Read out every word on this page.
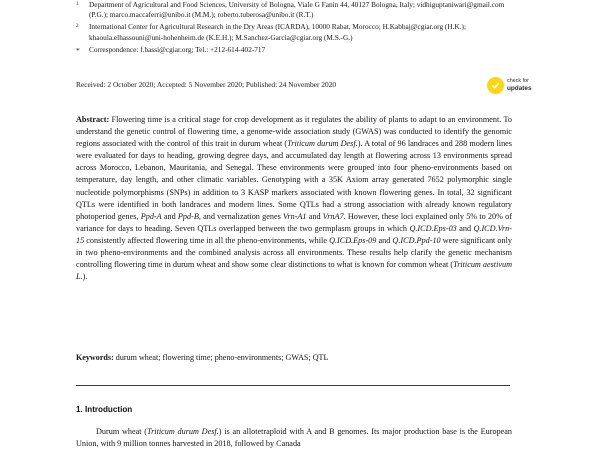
1	Department of Agricultural and Food Sciences, University of Bologna, Viale G Fanin 44, 40127 Bologna, Italy; vidhiguptaniwari@gmail.com (P.G.); marco.maccaferri@unibo.it (M.M.); roberto.tuberosa@unibo.it (R.T.)
2	International Center for Agricultural Research in the Dry Areas (ICARDA), 10000 Rabat, Morocco; H.Kabbaj@cgiar.org (H.K.); khaoula.elhassouni@uni-hohenheim.de (K.E.H.); M.Sanchez-Garcia@cgiar.org (M.S.-G.)
*	Correspondence: f.bassi@cgiar.org; Tel.: +212-614-402-717
Received: 2 October 2020; Accepted: 5 November 2020; Published: 24 November 2020	check for
updates
Abstract: Flowering time is a critical stage for crop development as it regulates the ability of plants to adapt to an environment. To understand the genetic control of flowering time, a genome-wide association study (GWAS) was conducted to identify the genomic regions associated with the control of this trait in durum wheat (Triticum durum Desf.). A total of 96 landraces and 288 modern lines were evaluated for days to heading, growing degree days, and accumulated day length at flowering across 13 environments spread across Morocco, Lebanon, Mauritania, and Senegal. These environments were grouped into four pheno-environments based on temperature, day length, and other climatic variables. Genotyping with a 35K Axiom array generated 7652 polymorphic single nucleotide polymorphisms (SNPs) in addition to 3 KASP markers associated with known flowering genes. In total, 32 significant QTLs were identified in both landraces and modern lines. Some QTLs had a strong association with already known regulatory photoperiod genes, Ppd-A and Ppd-B, and vernalization genes Vrn-A1 and VrnA7. However, these loci explained only 5% to 20% of variance for days to heading. Seven QTLs overlapped between the two germplasm groups in which Q.ICD.Eps-03 and Q.ICD.Vrn-15 consistently affected flowering time in all the pheno-environments, while Q.ICD.Eps-09 and Q.ICD.Ppd-10 were significant only in two pheno-environments and the combined analysis across all environments. These results help clarify the genetic mechanism controlling flowering time in durum wheat and show some clear distinctions to what is known for common wheat (Triticum aestivum L.).
Keywords: durum wheat; flowering time; pheno-environments; GWAS; QTL
1. Introduction
Durum wheat (Triticum durum Desf.) is an allotetraploid with A and B genomes. Its major production base is the European Union, with 9 million tonnes harvested in 2018, followed by Canada
